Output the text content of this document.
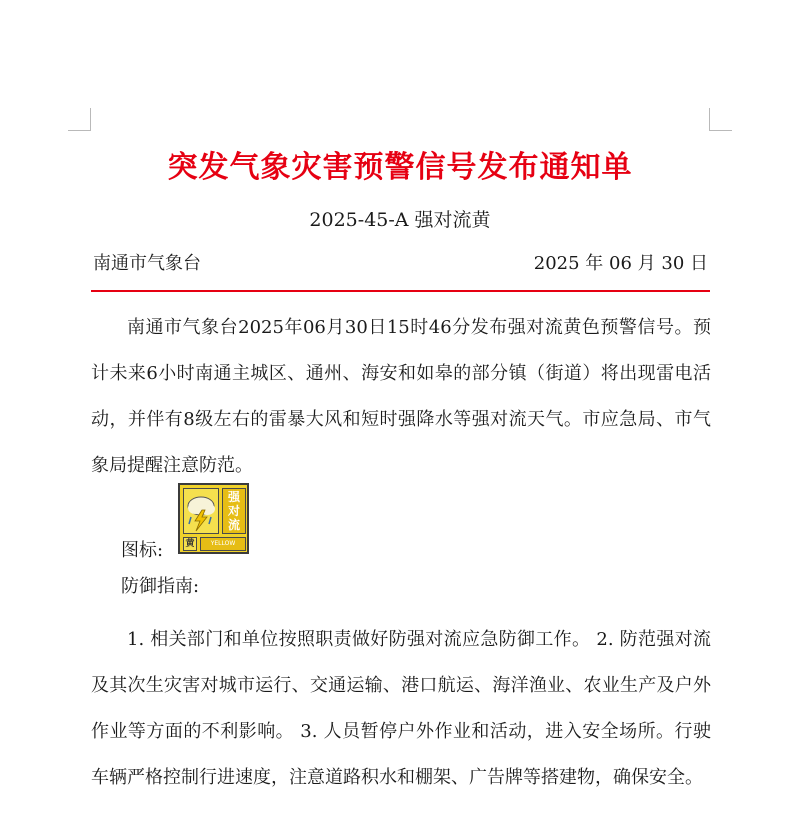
突发气象灾害预警信号发布通知单
2025-45-A 强对流黄
南通市气象台	2025 年 06 月 30 日

南通市气象台2025年06月30日15时46分发布强对流黄色预警信号。预计未来6小时南通主城区、通州、海安和如皋的部分镇（街道）将出现雷电活动，并伴有8级左右的雷暴大风和短时强降水等强对流天气。市应急局、市气象局提醒注意防范。

图标:
强对流
黄	YELLOW
防御指南:

1. 相关部门和单位按照职责做好防强对流应急防御工作。 2. 防范强对流及其次生灾害对城市运行、交通运输、港口航运、海洋渔业、农业生产及户外作业等方面的不利影响。 3. 人员暂停户外作业和活动，进入安全场所。行驶车辆严格控制行进速度，注意道路积水和棚架、广告牌等搭建物，确保安全。
